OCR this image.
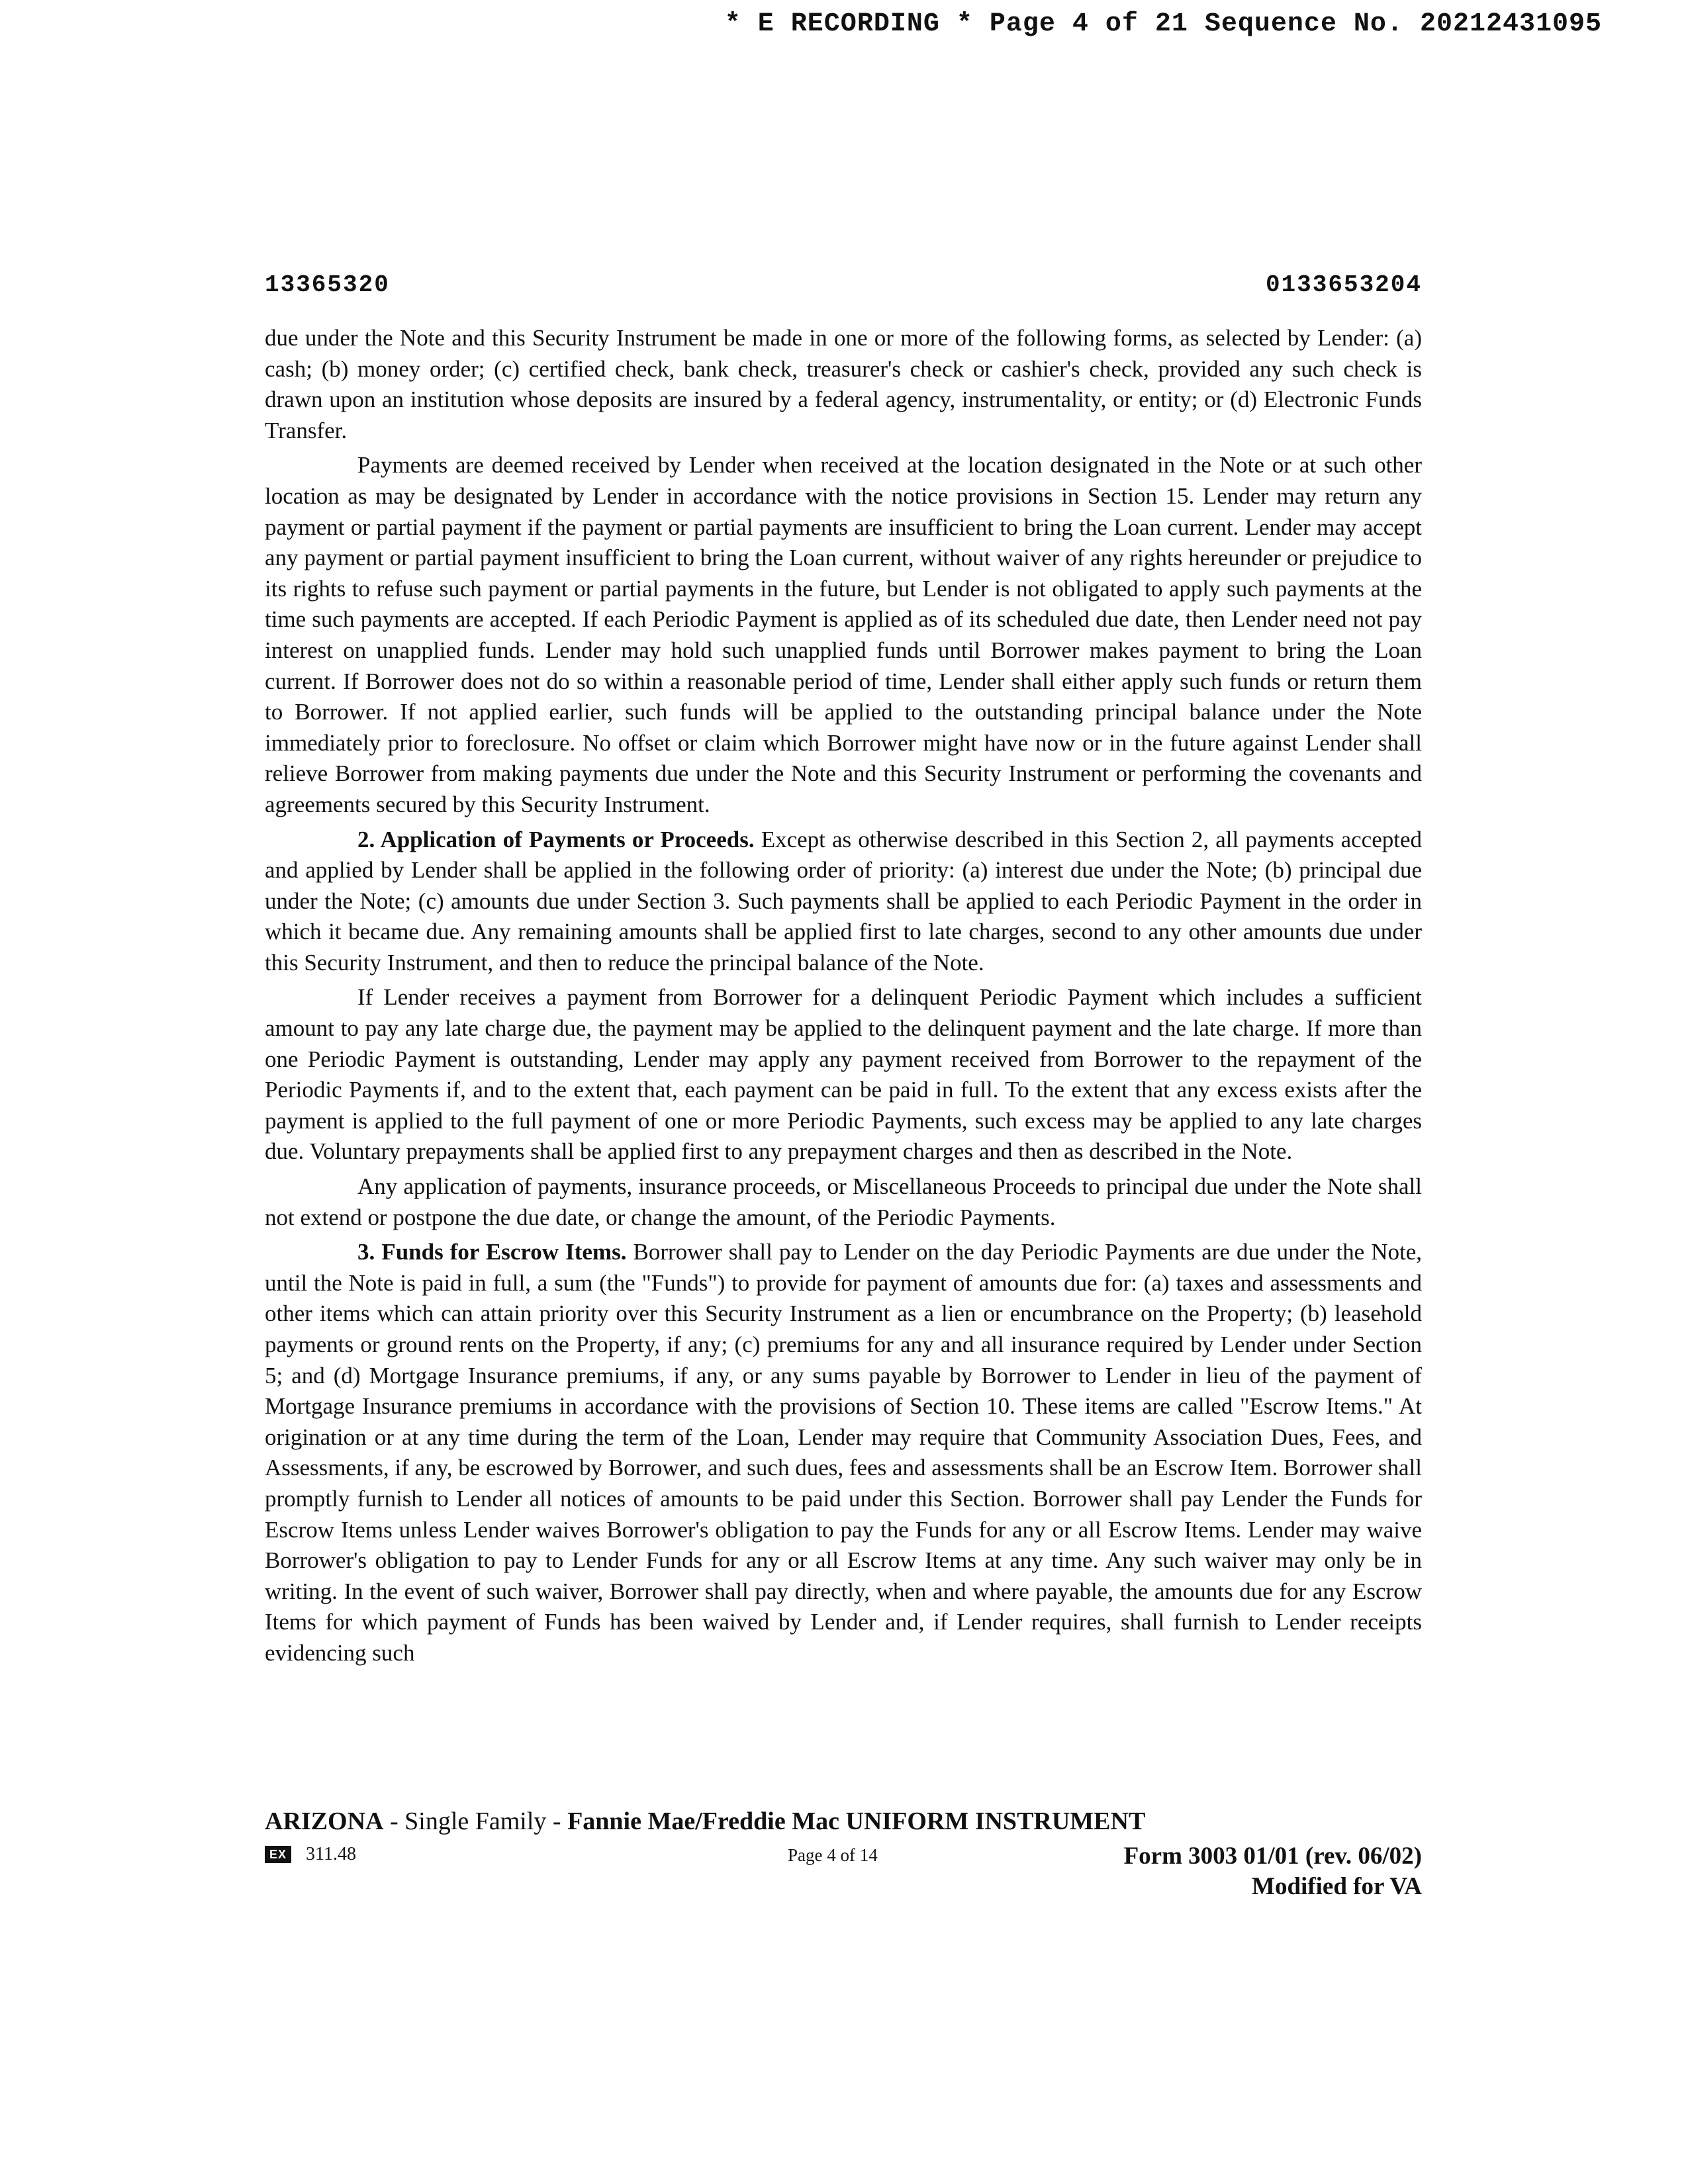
* E RECORDING * Page 4 of 21 Sequence No. 20212431095
13365320	0133653204

due under the Note and this Security Instrument be made in one or more of the following forms, as selected by Lender: (a) cash; (b) money order; (c) certified check, bank check, treasurer's check or cashier's check, provided any such check is drawn upon an institution whose deposits are insured by a federal agency, instrumentality, or entity; or (d) Electronic Funds Transfer.

Payments are deemed received by Lender when received at the location designated in the Note or at such other location as may be designated by Lender in accordance with the notice provisions in Section 15. Lender may return any payment or partial payment if the payment or partial payments are insufficient to bring the Loan current. Lender may accept any payment or partial payment insufficient to bring the Loan current, without waiver of any rights hereunder or prejudice to its rights to refuse such payment or partial payments in the future, but Lender is not obligated to apply such payments at the time such payments are accepted. If each Periodic Payment is applied as of its scheduled due date, then Lender need not pay interest on unapplied funds. Lender may hold such unapplied funds until Borrower makes payment to bring the Loan current. If Borrower does not do so within a reasonable period of time, Lender shall either apply such funds or return them to Borrower. If not applied earlier, such funds will be applied to the outstanding principal balance under the Note immediately prior to foreclosure. No offset or claim which Borrower might have now or in the future against Lender shall relieve Borrower from making payments due under the Note and this Security Instrument or performing the covenants and agreements secured by this Security Instrument.

2. Application of Payments or Proceeds. Except as otherwise described in this Section 2, all payments accepted and applied by Lender shall be applied in the following order of priority: (a) interest due under the Note; (b) principal due under the Note; (c) amounts due under Section 3. Such payments shall be applied to each Periodic Payment in the order in which it became due. Any remaining amounts shall be applied first to late charges, second to any other amounts due under this Security Instrument, and then to reduce the principal balance of the Note.

If Lender receives a payment from Borrower for a delinquent Periodic Payment which includes a sufficient amount to pay any late charge due, the payment may be applied to the delinquent payment and the late charge. If more than one Periodic Payment is outstanding, Lender may apply any payment received from Borrower to the repayment of the Periodic Payments if, and to the extent that, each payment can be paid in full. To the extent that any excess exists after the payment is applied to the full payment of one or more Periodic Payments, such excess may be applied to any late charges due. Voluntary prepayments shall be applied first to any prepayment charges and then as described in the Note.

Any application of payments, insurance proceeds, or Miscellaneous Proceeds to principal due under the Note shall not extend or postpone the due date, or change the amount, of the Periodic Payments.

3. Funds for Escrow Items. Borrower shall pay to Lender on the day Periodic Payments are due under the Note, until the Note is paid in full, a sum (the "Funds") to provide for payment of amounts due for: (a) taxes and assessments and other items which can attain priority over this Security Instrument as a lien or encumbrance on the Property; (b) leasehold payments or ground rents on the Property, if any; (c) premiums for any and all insurance required by Lender under Section 5; and (d) Mortgage Insurance premiums, if any, or any sums payable by Borrower to Lender in lieu of the payment of Mortgage Insurance premiums in accordance with the provisions of Section 10. These items are called "Escrow Items." At origination or at any time during the term of the Loan, Lender may require that Community Association Dues, Fees, and Assessments, if any, be escrowed by Borrower, and such dues, fees and assessments shall be an Escrow Item. Borrower shall promptly furnish to Lender all notices of amounts to be paid under this Section. Borrower shall pay Lender the Funds for Escrow Items unless Lender waives Borrower's obligation to pay the Funds for any or all Escrow Items. Lender may waive Borrower's obligation to pay to Lender Funds for any or all Escrow Items at any time. Any such waiver may only be in writing. In the event of such waiver, Borrower shall pay directly, when and where payable, the amounts due for any Escrow Items for which payment of Funds has been waived by Lender and, if Lender requires, shall furnish to Lender receipts evidencing such

ARIZONA - Single Family - Fannie Mae/Freddie Mac UNIFORM INSTRUMENT
EX 311.48	Page 4 of 14	Form 3003 01/01 (rev. 06/02)
Modified for VA
